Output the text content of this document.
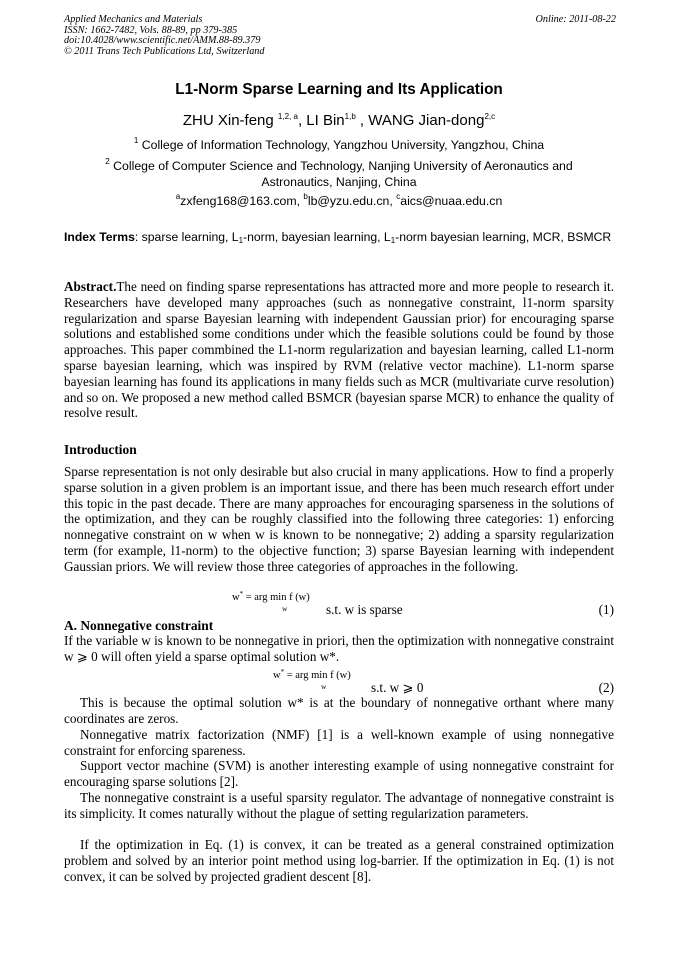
Applied Mechanics and Materials
ISSN: 1662-7482, Vols. 88-89, pp 379-385
doi:10.4028/www.scientific.net/AMM.88-89.379
© 2011 Trans Tech Publications Ltd, Switzerland
Online: 2011-08-22
L1-Norm Sparse Learning and Its Application
ZHU Xin-feng $^{1,2, a}$, LI Bin$^{1,b}$ , WANG Jian-dong$^{2,c}$
$^1$ College of Information Technology, Yangzhou University, Yangzhou, China
$^2$ College of Computer Science and Technology, Nanjing University of Aeronautics and
Astronautics, Nanjing, China
$^a$zxfeng168@163.com, $^b$lb@yzu.edu.cn, $^c$aics@nuaa.edu.cn
Index Terms: sparse learning, $L_1$-norm, bayesian learning, $L_1$-norm bayesian learning, MCR, BSMCR
Abstract.The need on finding sparse representations has attracted more and more people to research it. Researchers have developed many approaches (such as nonnegative constraint, l1-norm sparsity regularization and sparse Bayesian learning with independent Gaussian prior) for encouraging sparse solutions and established some conditions under which the feasible solutions could be found by those approaches. This paper commbined the L1-norm regularization and bayesian learning, called L1-norm sparse bayesian learning, which was inspired by RVM (relative vector machine). L1-norm sparse bayesian learning has found its applications in many fields such as MCR (multivariate curve resolution) and so on. We proposed a new method called BSMCR (bayesian sparse MCR) to enhance the quality of resolve result.
Introduction
Sparse representation is not only desirable but also crucial in many applications. How to find a properly sparse solution in a given problem is an important issue, and there has been much research effort under this topic in the past decade. There are many approaches for encouraging sparseness in the solutions of the optimization, and they can be roughly classified into the following three categories: 1) enforcing nonnegative constraint on w when w is known to be nonnegative; 2) adding a sparsity regularization term (for example, l1-norm) to the objective function; 3) sparse Bayesian learning with independent Gaussian priors. We will review those three categories of approaches in the following.
w* = arg min f (w)
w	s.t. w is sparse	(1)
A. Nonnegative constraint
If the variable w is known to be nonnegative in priori, then the optimization with nonnegative constraint w ⩾ 0 will often yield a sparse optimal solution w*.
w* = arg min f (w)
w	s.t. w ⩾ 0	(2)
This is because the optimal solution w* is at the boundary of nonnegative orthant where many coordinates are zeros.
Nonnegative matrix factorization (NMF) [1] is a well-known example of using nonnegative constraint for enforcing spareness.
Support vector machine (SVM) is another interesting example of using nonnegative constraint for encouraging sparse solutions [2].
The nonnegative constraint is a useful sparsity regulator. The advantage of nonnegative constraint is its simplicity. It comes naturally without the plague of setting regularization parameters.
If the optimization in Eq. (1) is convex, it can be treated as a general constrained optimization problem and solved by an interior point method using log-barrier. If the optimization in Eq. (1) is not convex, it can be solved by projected gradient descent [8].
